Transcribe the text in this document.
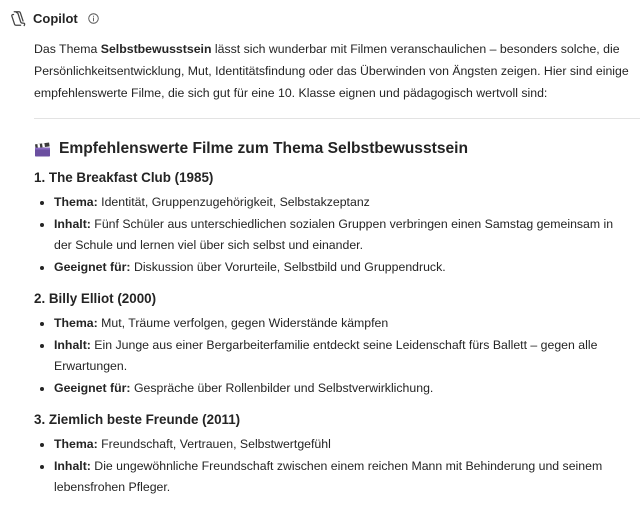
Copilot

Das Thema Selbstbewusstsein lässt sich wunderbar mit Filmen veranschaulichen – besonders solche, die Persönlichkeitsentwicklung, Mut, Identitätsfindung oder das Überwinden von Ängsten zeigen. Hier sind einige empfehlenswerte Filme, die sich gut für eine 10. Klasse eignen und pädagogisch wertvoll sind:

Empfehlenswerte Filme zum Thema Selbstbewusstsein
1. The Breakfast Club (1985)
Thema: Identität, Gruppenzugehörigkeit, Selbstakzeptanz
Inhalt: Fünf Schüler aus unterschiedlichen sozialen Gruppen verbringen einen Samstag gemeinsam in der Schule und lernen viel über sich selbst und einander.
Geeignet für: Diskussion über Vorurteile, Selbstbild und Gruppendruck.
2. Billy Elliot (2000)
Thema: Mut, Träume verfolgen, gegen Widerstände kämpfen
Inhalt: Ein Junge aus einer Bergarbeiterfamilie entdeckt seine Leidenschaft fürs Ballett – gegen alle Erwartungen.
Geeignet für: Gespräche über Rollenbilder und Selbstverwirklichung.
3. Ziemlich beste Freunde (2011)
Thema: Freundschaft, Vertrauen, Selbstwertgefühl
Inhalt: Die ungewöhnliche Freundschaft zwischen einem reichen Mann mit Behinderung und seinem lebensfrohen Pfleger.
